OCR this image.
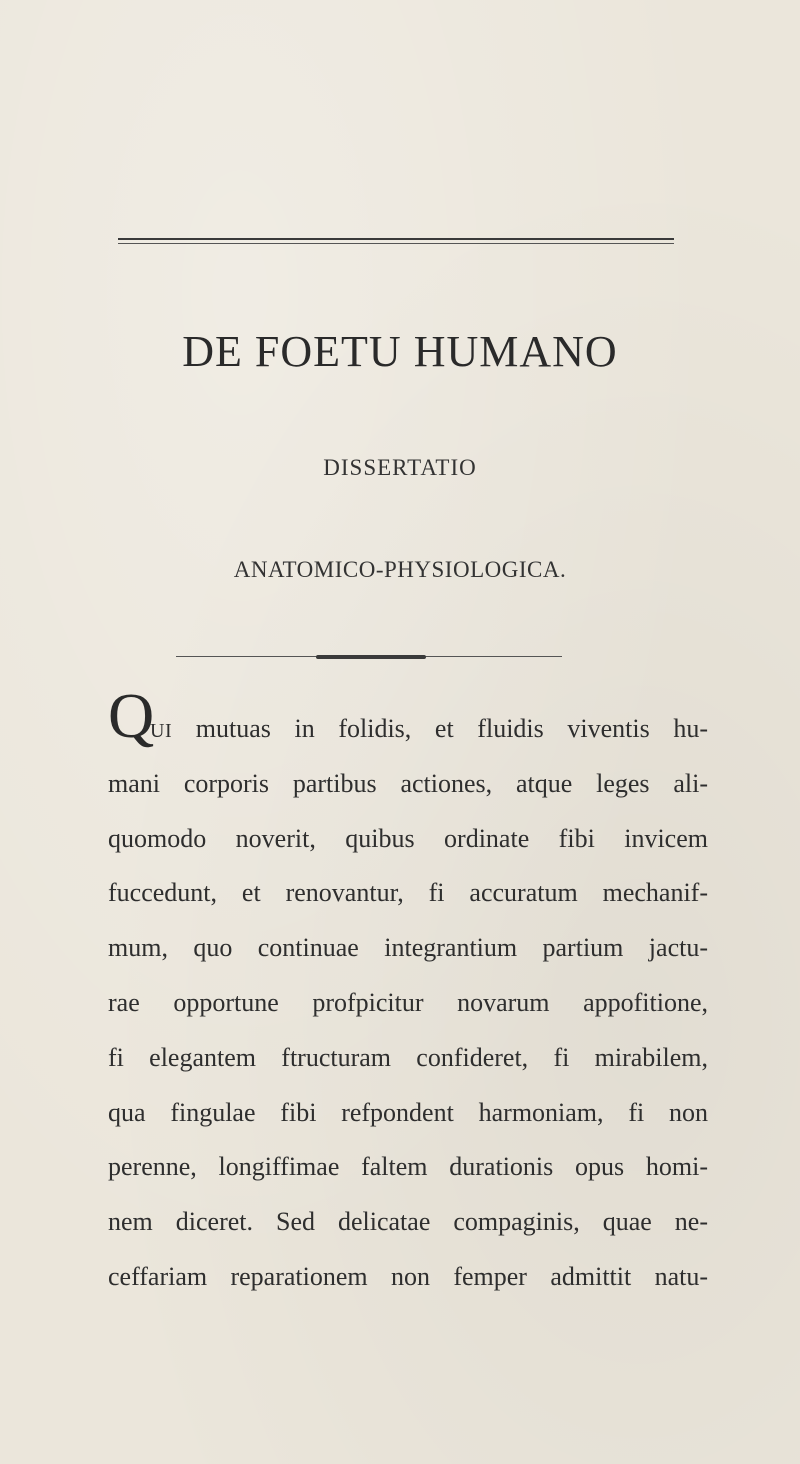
DE FOETU HUMANO
DISSERTATIO
ANATOMICO-PHYSIOLOGICA.
Q
UI mutuas in folidis, et fluidis viventis hu-
mani corporis partibus actiones, atque leges ali-
quomodo noverit, quibus ordinate fibi invicem
fuccedunt, et renovantur, fi accuratum mechanif-
mum, quo continuae integrantium partium jactu-
rae opportune profpicitur novarum appofitione,
fi elegantem ftructuram confideret, fi mirabilem,
qua fingulae fibi refpondent harmoniam, fi non
perenne, longiffimae faltem durationis opus homi-
nem diceret. Sed delicatae compaginis, quae ne-
ceffariam reparationem non femper admittit natu-
